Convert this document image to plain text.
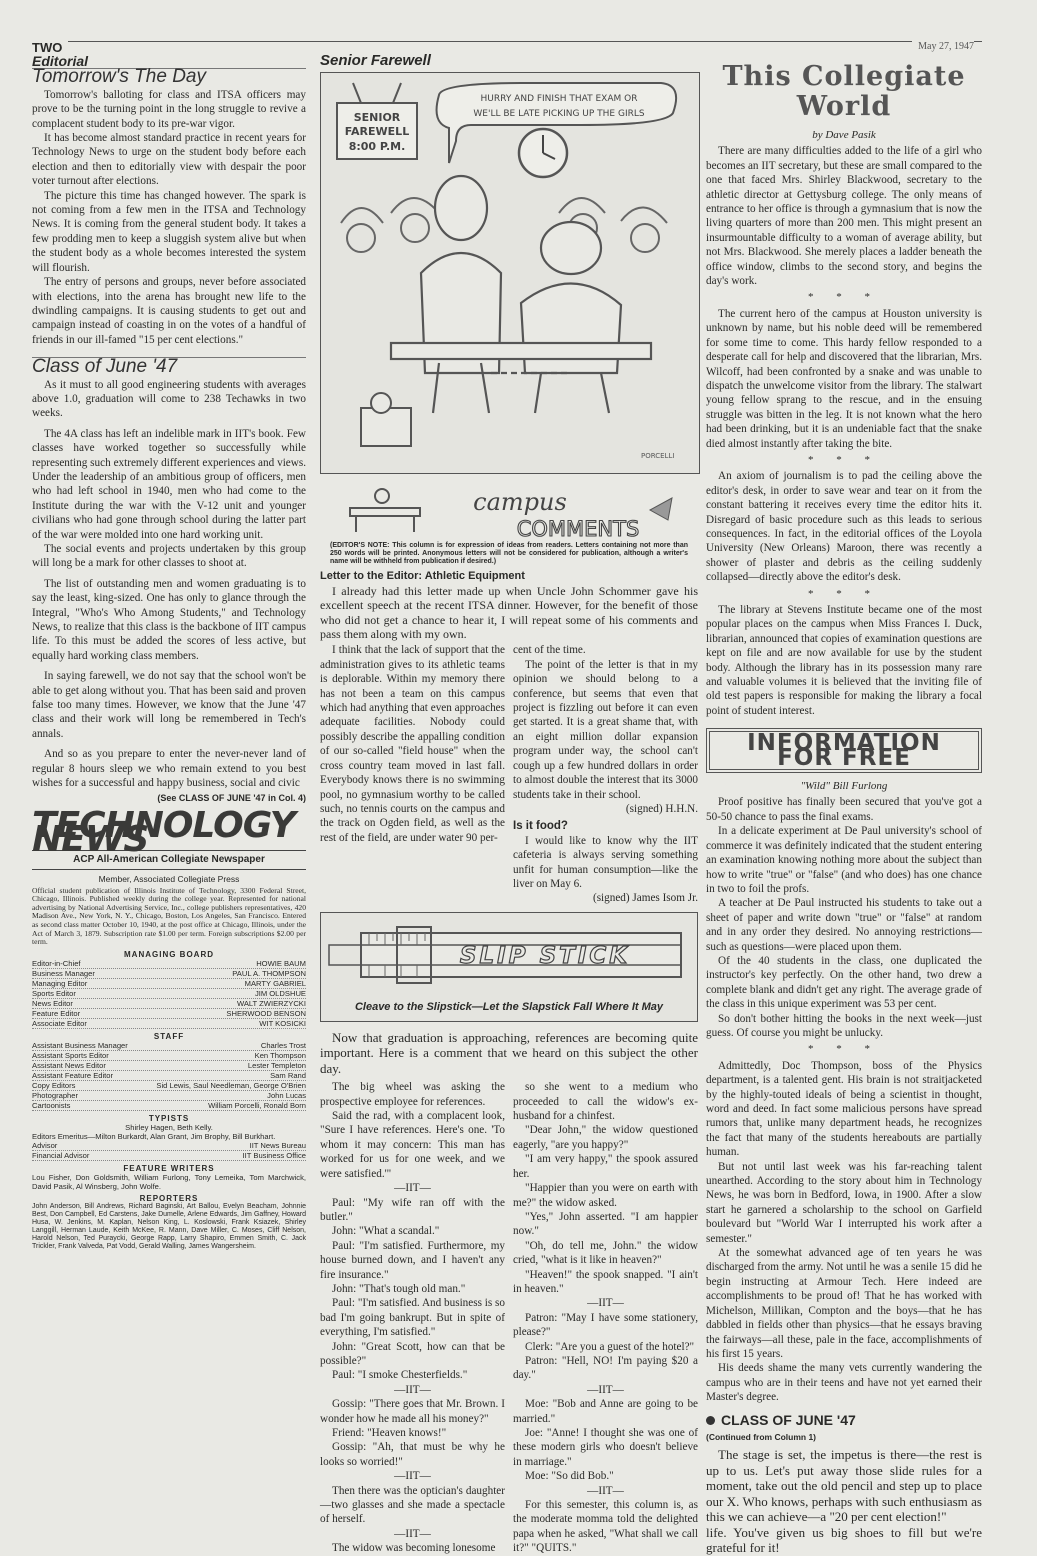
TWO	May 27, 1947
Editorial
Tomorrow's The Day

Tomorrow's balloting for class and ITSA officers may prove to be the turning point in the long struggle to revive a complacent student body to its pre-war vigor.

It has become almost standard practice in recent years for Technology News to urge on the student body before each election and then to editorially view with despair the poor voter turnout after elections.

The picture this time has changed however. The spark is not coming from a few men in the ITSA and Technology News. It is coming from the general student body. It takes a few prodding men to keep a sluggish system alive but when the student body as a whole becomes interested the system will flourish.

The entry of persons and groups, never before associated with elections, into the arena has brought new life to the dwindling campaigns. It is causing students to get out and campaign instead of coasting in on the votes of a handful of friends in our ill-famed "15 per cent elections."

Class of June '47

As it must to all good engineering students with averages above 1.0, graduation will come to 238 Techawks in two weeks.

The 4A class has left an indelible mark in IIT's book. Few classes have worked together so successfully while representing such extremely different experiences and views. Under the leadership of an ambitious group of officers, men who had left school in 1940, men who had come to the Institute during the war with the V-12 unit and younger civilians who had gone through school during the latter part of the war were molded into one hard working unit.

The social events and projects undertaken by this group will long be a mark for other classes to shoot at.

The list of outstanding men and women graduating is to say the least, king-sized. One has only to glance through the Integral, "Who's Who Among Students," and Technology News, to realize that this class is the backbone of IIT campus life. To this must be added the scores of less active, but equally hard working class members.

In saying farewell, we do not say that the school won't be able to get along without you. That has been said and proven false too many times. However, we know that the June '47 class and their work will long be remembered in Tech's annals.

And so as you prepare to enter the never-never land of regular 8 hours sleep we who remain extend to you best wishes for a successful and happy business, social and civic

(See CLASS OF JUNE '47 in Col. 4)
TECHNOLOGY NEWS
ACP All-American Collegiate Newspaper
Member, Associated Collegiate Press
Official student publication of Illinois Institute of Technology, 3300 Federal Street, Chicago, Illinois. Published weekly during the college year. Represented for national advertising by National Advertising Service, Inc., college publishers representatives, 420 Madison Ave., New York, N. Y., Chicago, Boston, Los Angeles, San Francisco. Entered as second class matter October 10, 1940, at the post office at Chicago, Illinois, under the Act of March 3, 1879. Subscription rate $1.00 per term. Foreign subscriptions $2.00 per term.
MANAGING BOARD
Editor-in-Chief	HOWIE BAUM
Business Manager	PAUL A. THOMPSON
Managing Editor	MARTY GABRIEL
Sports Editor	JIM OLDSHUE
News Editor	WALT ZWIERZYCKI
Feature Editor	SHERWOOD BENSON
Associate Editor	WIT KOSICKI
STAFF
Assistant Business Manager	Charles Trost
Assistant Sports Editor	Ken Thompson
Assistant News Editor	Lester Templeton
Assistant Feature Editor	Sam Rand
Copy Editors	Sid Lewis, Saul Needleman, George O'Brien
Photographer	John Lucas
Cartoonists	William Porcelli, Ronald Born
TYPISTS
Shirley Hagen, Beth Kelly.
Editors Emeritus—Milton Burkardt, Alan Grant, Jim Brophy, Bill Burkhart.
Advisor	IIT News Bureau
Financial Advisor	IIT Business Office
FEATURE WRITERS
Lou Fisher, Don Goldsmith, William Furlong, Tony Lemeika, Tom Marchwick, David Pasik, Al Winsberg, John Wolfe.
REPORTERS
John Anderson, Bill Andrews, Richard Baginski, Art Ballou, Evelyn Beacham, Johnnie Best, Don Campbell, Ed Carstens, Jake Dumelle, Arlene Edwards, Jim Gaffney, Howard Husa, W. Jenkins, M. Kaplan, Nelson King, L. Koslowski, Frank Ksiazek, Shirley Langgill, Herman Laude, Keith McKee, R. Mann, Dave Miller, C. Moses, Cliff Nelson, Harold Nelson, Ted Puraycki, George Rapp, Larry Shapiro, Emmen Smith, C. Jack Trickler, Frank Valveda, Pat Vodd, Gerald Walling, James Wangersheim.
Senior Farewell
SENIOR
FAREWELL
8:00 P.M.
HURRY AND FINISH THAT EXAM OR
WE'LL BE LATE PICKING UP THE GIRLS
PORCELLI
campus
COMMENTS
(EDITOR'S NOTE: This column is for expression of ideas from readers. Letters containing not more than 250 words will be printed. Anonymous letters will not be considered for publication, although a writer's name will be withheld from publication if desired.)
Letter to the Editor: Athletic Equipment

I already had this letter made up when Uncle John Schommer gave his excellent speech at the recent ITSA dinner. However, for the benefit of those who did not get a chance to hear it, I will repeat some of his comments and pass them along with my own.

I think that the lack of support that the administration gives to its athletic teams is deplorable. Within my memory there has not been a team on this campus which had anything that even approaches adequate facilities. Nobody could possibly describe the appalling condition of our so-called "field house" when the cross country team moved in last fall. Everybody knows there is no swimming pool, no gymnasium worthy to be called such, no tennis courts on the campus and the track on Ogden field, as well as the rest of the field, are under water 90 per-

cent of the time.

The point of the letter is that in my opinion we should belong to a conference, but seems that even that project is fizzling out before it can even get started. It is a great shame that, with an eight million dollar expansion program under way, the school can't cough up a few hundred dollars in order to almost double the interest that its 3000 students take in their school.

(signed) H.H.N.
Is it food?

I would like to know why the IIT cafeteria is always serving something unfit for human consumption—like the liver on May 6.

(signed) James Isom Jr.
SLIP STICK
Cleave to the Slipstick—Let the Slapstick Fall Where It May

Now that graduation is approaching, references are becoming quite important. Here is a comment that we heard on this subject the other day.

The big wheel was asking the prospective employee for references.

Said the rad, with a complacent look, "Sure I have references. Here's one. 'To whom it may concern: This man has worked for us for one week, and we were satisfied.'"

—IIT—

Paul: "My wife ran off with the butler."

John: "What a scandal."

Paul: "I'm satisfied. Furthermore, my house burned down, and I haven't any fire insurance."

John: "That's tough old man."

Paul: "I'm satisfied. And business is so bad I'm going bankrupt. But in spite of everything, I'm satisfied."

John: "Great Scott, how can that be possible?"

Paul: "I smoke Chesterfields."

—IIT—

Gossip: "There goes that Mr. Brown. I wonder how he made all his money?"

Friend: "Heaven knows!"

Gossip: "Ah, that must be why he looks so worried!"

—IIT—

Then there was the optician's daughter—two glasses and she made a spectacle of herself.

—IIT—

The widow was becoming lonesome

so she went to a medium who proceeded to call the widow's ex-husband for a chinfest.

"Dear John," the widow questioned eagerly, "are you happy?"

"I am very happy," the spook assured her.

"Happier than you were on earth with me?" the widow asked.

"Yes," John asserted. "I am happier now."

"Oh, do tell me, John." the widow cried, "what is it like in heaven?"

"Heaven!" the spook snapped. "I ain't in heaven."

—IIT—

Patron: "May I have some stationery, please?"

Clerk: "Are you a guest of the hotel?"

Patron: "Hell, NO! I'm paying $20 a day."

—IIT—

Moe: "Bob and Anne are going to be married."

Joe: "Anne! I thought she was one of these modern girls who doesn't believe in marriage."

Moe: "So did Bob."

—IIT—

For this semester, this column is, as the moderate momma told the delighted papa when he asked, "What shall we call it?" "QUITS."

This Collegiate World
by Dave Pasik

There are many difficulties added to the life of a girl who becomes an IIT secretary, but these are small compared to the one that faced Mrs. Shirley Blackwood, secretary to the athletic director at Gettysburg college. The only means of entrance to her office is through a gymnasium that is now the living quarters of more than 200 men. This might present an insurmountable difficulty to a woman of average ability, but not Mrs. Blackwood. She merely places a ladder beneath the office window, climbs to the second story, and begins the day's work.

* * *

The current hero of the campus at Houston university is unknown by name, but his noble deed will be remembered for some time to come. This hardy fellow responded to a desperate call for help and discovered that the librarian, Mrs. Wilcoff, had been confronted by a snake and was unable to dispatch the unwelcome visitor from the library. The stalwart young fellow sprang to the rescue, and in the ensuing struggle was bitten in the leg. It is not known what the hero had been drinking, but it is an undeniable fact that the snake died almost instantly after taking the bite.

* * *

An axiom of journalism is to pad the ceiling above the editor's desk, in order to save wear and tear on it from the constant battering it receives every time the editor hits it. Disregard of basic procedure such as this leads to serious consequences. In fact, in the editorial offices of the Loyola University (New Orleans) Maroon, there was recently a shower of plaster and debris as the ceiling suddenly collapsed—directly above the editor's desk.

* * *

The library at Stevens Institute became one of the most popular places on the campus when Miss Frances I. Duck, librarian, announced that copies of examination questions are kept on file and are now available for use by the student body. Although the library has in its possession many rare and valuable volumes it is believed that the inviting file of old test papers is responsible for making the library a focal point of student interest.

INFORMATION FOR FREE
"Wild" Bill Furlong

Proof positive has finally been secured that you've got a 50-50 chance to pass the final exams.

In a delicate experiment at De Paul university's school of commerce it was definitely indicated that the student entering an examination knowing nothing more about the subject than how to write "true" or "false" (and who does) has one chance in two to foil the profs.

A teacher at De Paul instructed his students to take out a sheet of paper and write down "true" or "false" at random and in any order they desired. No annoying restrictions—such as questions—were placed upon them.

Of the 40 students in the class, one duplicated the instructor's key perfectly. On the other hand, two drew a complete blank and didn't get any right. The average grade of the class in this unique experiment was 53 per cent.

So don't bother hitting the books in the next week—just guess. Of course you might be unlucky.

* * *

Admittedly, Doc Thompson, boss of the Physics department, is a talented gent. His brain is not straitjacketed by the highly-touted ideals of being a scientist in thought, word and deed. In fact some malicious persons have spread rumors that, unlike many department heads, he recognizes the fact that many of the students hereabouts are partially human.

But not until last week was his far-reaching talent unearthed. According to the story about him in Technology News, he was born in Bedford, Iowa, in 1900. After a slow start he garnered a scholarship to the school on Garfield boulevard but "World War I interrupted his work after a semester."

At the somewhat advanced age of ten years he was discharged from the army. Not until he was a senile 15 did he begin instructing at Armour Tech. Here indeed are accomplishments to be proud of! That he has worked with Michelson, Millikan, Compton and the boys—that he has dabbled in fields other than physics—that he essays braving the fairways—all these, pale in the face, accomplishments of his first 15 years.

His deeds shame the many vets currently wandering the campus who are in their teens and have not yet earned their Master's degree.

CLASS OF JUNE '47
(Continued from Column 1)

The stage is set, the impetus is there—the rest is up to us. Let's put away those slide rules for a moment, take out the old pencil and step up to place our X. Who knows, perhaps with such enthusiasm as this we can achieve—a "20 per cent election!"

life. You've given us big shoes to fill but we're grateful for it!
